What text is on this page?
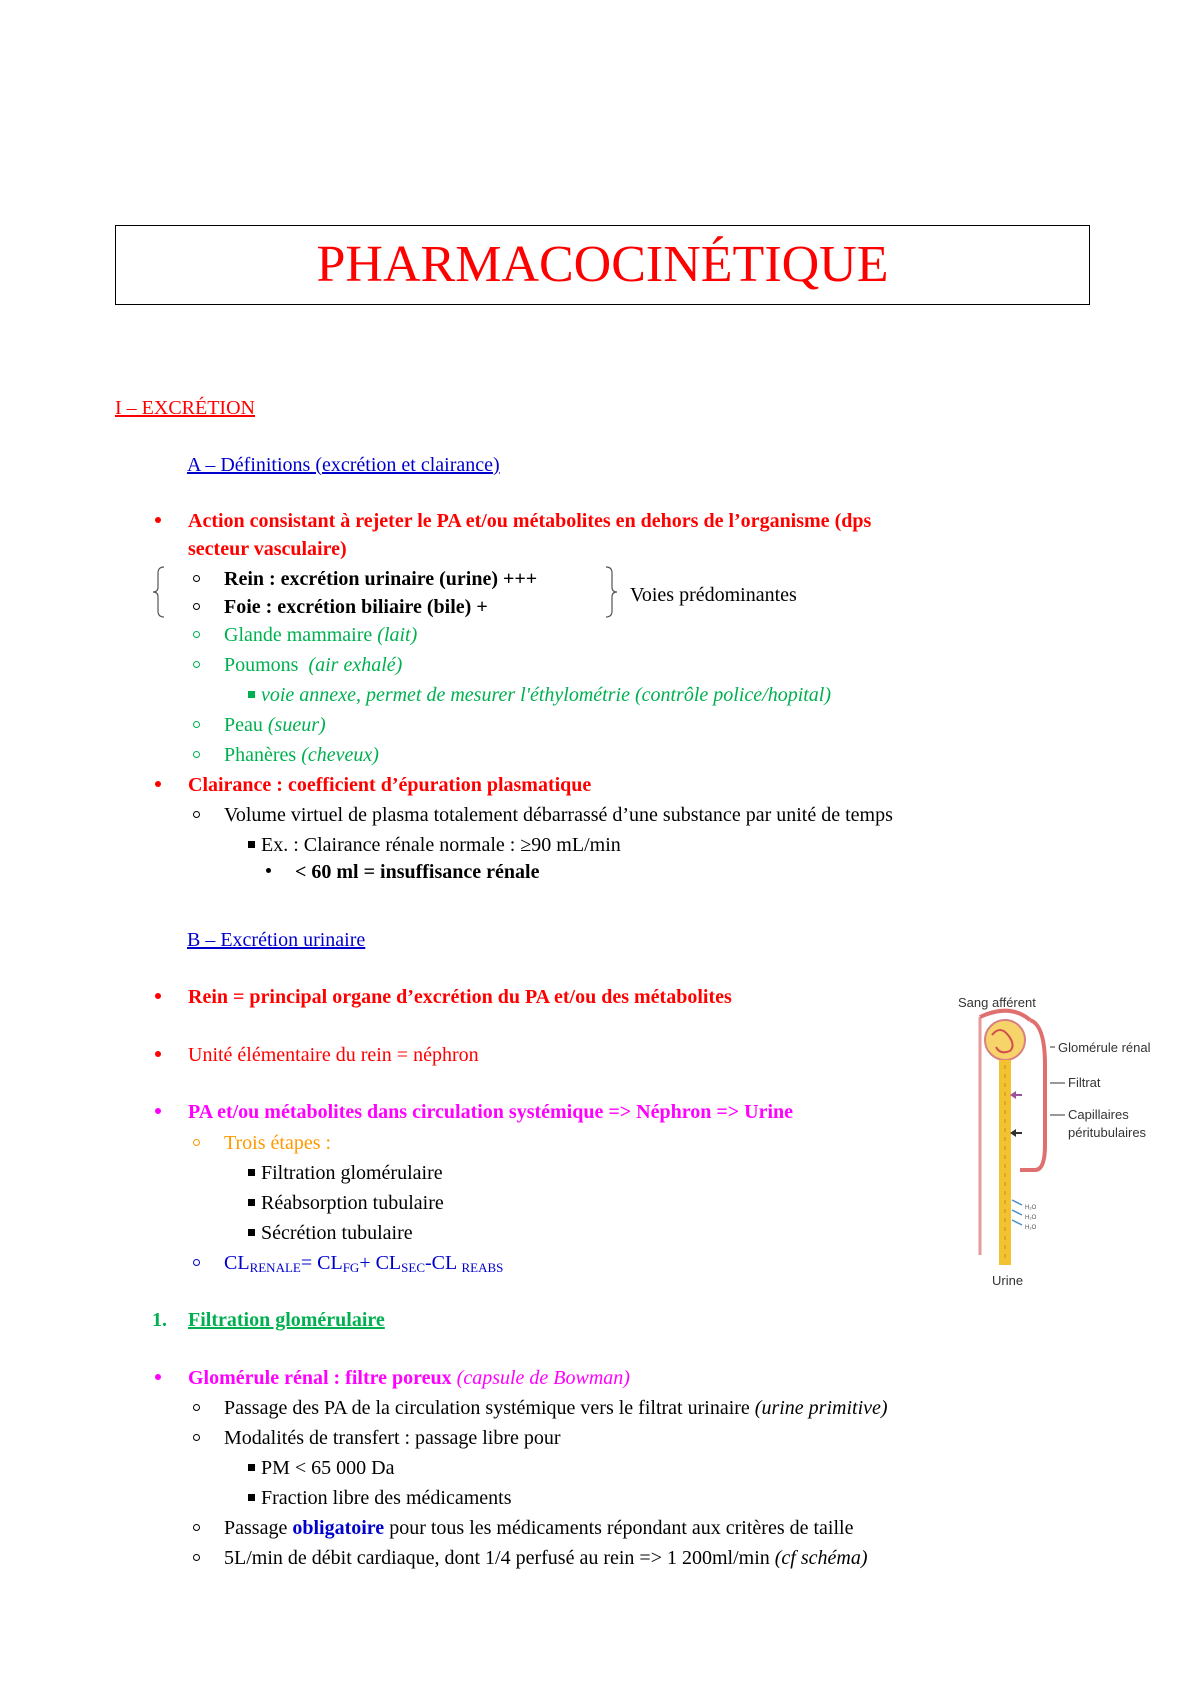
PHARMACOCINÉTIQUE
I – EXCRÉTION
A – Définitions (excrétion et clairance)
Action consistant à rejeter le PA et/ou métabolites en dehors de l’organisme (dps
secteur vasculaire)
Voies prédominantes
Rein : excrétion urinaire (urine) +++
Foie : excrétion biliaire (bile) +
Glande mammaire (lait)
Poumons (air exhalé)
voie annexe, permet de mesurer l'éthylométrie (contrôle police/hopital)
Peau (sueur)
Phanères (cheveux)
Clairance : coefficient d’épuration plasmatique
Volume virtuel de plasma totalement débarrassé d’une substance par unité de temps
Ex. : Clairance rénale normale : ≥90 mL/min
< 60 ml = insuffisance rénale
B – Excrétion urinaire
Rein = principal organe d’excrétion du PA et/ou des métabolites
Unité élémentaire du rein = néphron
PA et/ou métabolites dans circulation systémique => Néphron => Urine
Trois étapes :
Filtration glomérulaire
Réabsorption tubulaire
Sécrétion tubulaire
$CL_{RENALE}= CL_{FG}+ CL_{SEC}-CL$ $_{REABS}$
1. Filtration glomérulaire
Glomérule rénal : filtre poreux (capsule de Bowman)
Passage des PA de la circulation systémique vers le filtrat urinaire (urine primitive)
Modalités de transfert : passage libre pour
PM < 65 000 Da
Fraction libre des médicaments
Passage obligatoire pour tous les médicaments répondant aux critères de taille
5L/min de débit cardiaque, dont 1/4 perfusé au rein => 1 200ml/min (cf schéma)
H₂O
H₂O
H₂O
Sang afférent
Glomérule rénal
Filtrat
Capillaires
péritubulaires
Urine
